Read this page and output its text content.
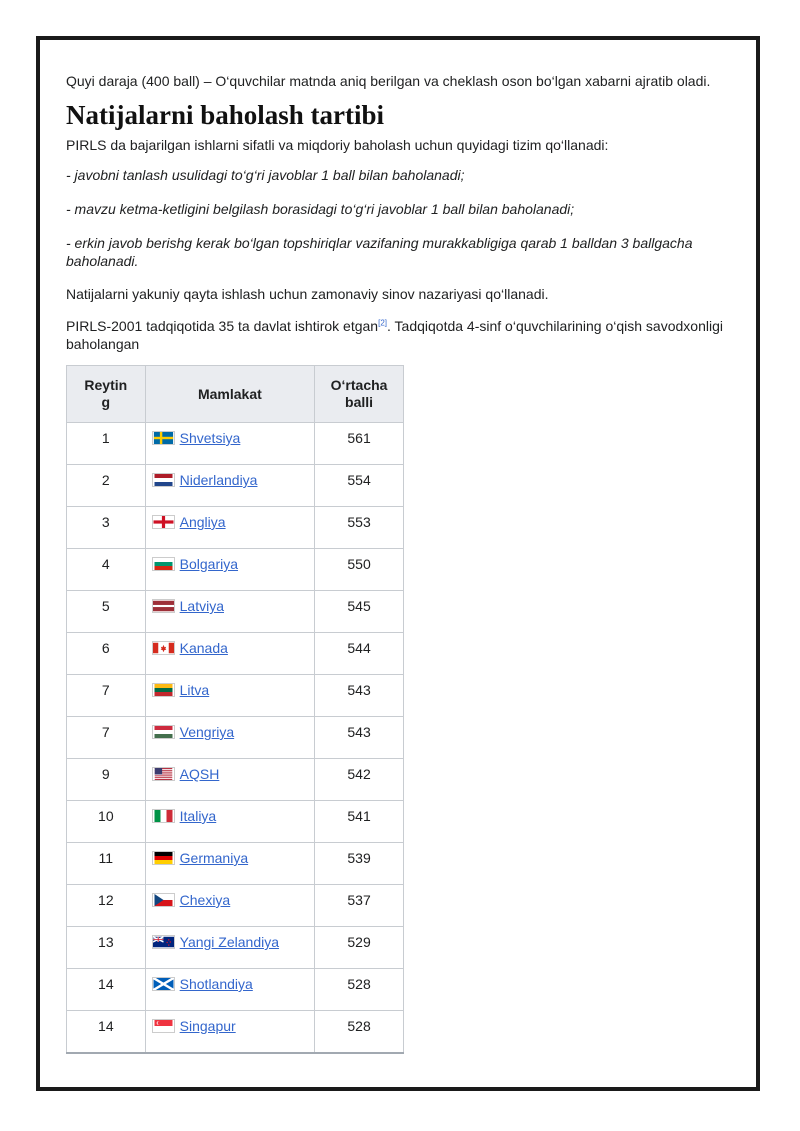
Quyi daraja (400 ball) – O‘quvchilar matnda aniq berilgan va cheklash oson bo‘lgan xabarni ajratib oladi.

Natijalarni baholash tartibi

PIRLS da bajarilgan ishlarni sifatli va miqdoriy baholash uchun quyidagi tizim qo‘llanadi:

- javobni tanlash usulidagi to‘g‘ri javoblar 1 ball bilan baholanadi;

- mavzu ketma-ketligini belgilash borasidagi to‘g‘ri javoblar 1 ball bilan baholanadi;

- erkin javob berishg kerak bo‘lgan topshiriqlar vazifaning murakkabligiga qarab 1 balldan 3 ballgacha baholanadi.

Natijalarni yakuniy qayta ishlash uchun zamonaviy sinov nazariyasi qo‘llanadi.

PIRLS-2001 tadqiqotida 35 ta davlat ishtirok etgan[2]. Tadqiqotda 4-sinf o‘quvchilarining o‘qish savodxonligi baholangan

Reyting	Mamlakat	O‘rtacha balli

1	Shvetsiya	561

2	Niderlandiya	554

3	Angliya	553

4	Bolgariya	550

5	Latviya	545

6	Kanada	544

7	Litva	543

7	Vengriya	543

9	AQSH	542

10	Italiya	541

11	Germaniya	539

12	Chexiya	537

13	Yangi Zelandiya	529

14	Shotlandiya	528

14	Singapur	528
